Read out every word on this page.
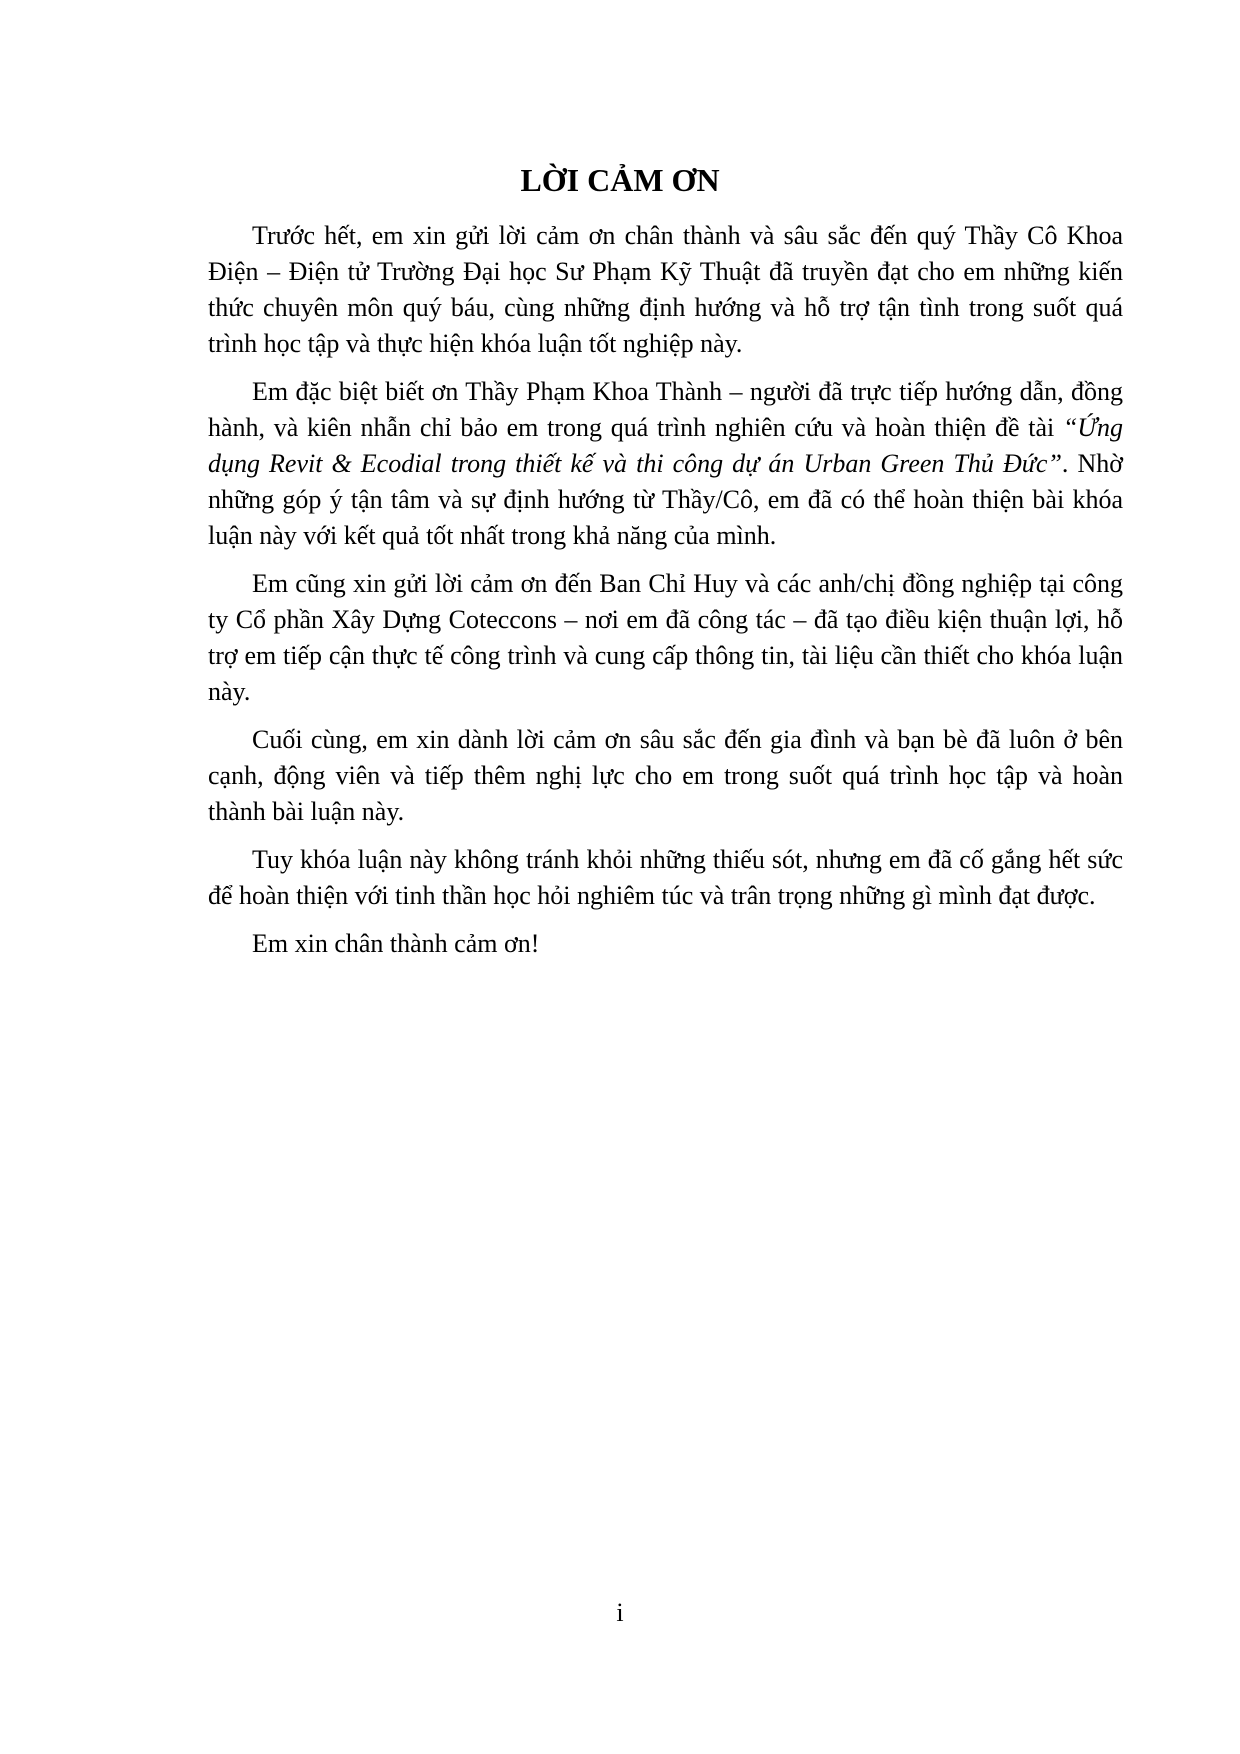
LỜI CẢM ƠN

Trước hết, em xin gửi lời cảm ơn chân thành và sâu sắc đến quý Thầy Cô Khoa Điện – Điện tử Trường Đại học Sư Phạm Kỹ Thuật đã truyền đạt cho em những kiến thức chuyên môn quý báu, cùng những định hướng và hỗ trợ tận tình trong suốt quá trình học tập và thực hiện khóa luận tốt nghiệp này.

Em đặc biệt biết ơn Thầy Phạm Khoa Thành – người đã trực tiếp hướng dẫn, đồng hành, và kiên nhẫn chỉ bảo em trong quá trình nghiên cứu và hoàn thiện đề tài “Ứng dụng Revit & Ecodial trong thiết kế và thi công dự án Urban Green Thủ Đức”. Nhờ những góp ý tận tâm và sự định hướng từ Thầy/Cô, em đã có thể hoàn thiện bài khóa luận này với kết quả tốt nhất trong khả năng của mình.

Em cũng xin gửi lời cảm ơn đến Ban Chỉ Huy và các anh/chị đồng nghiệp tại công ty Cổ phần Xây Dựng Coteccons – nơi em đã công tác – đã tạo điều kiện thuận lợi, hỗ trợ em tiếp cận thực tế công trình và cung cấp thông tin, tài liệu cần thiết cho khóa luận này.

Cuối cùng, em xin dành lời cảm ơn sâu sắc đến gia đình và bạn bè đã luôn ở bên cạnh, động viên và tiếp thêm nghị lực cho em trong suốt quá trình học tập và hoàn thành bài luận này.

Tuy khóa luận này không tránh khỏi những thiếu sót, nhưng em đã cố gắng hết sức để hoàn thiện với tinh thần học hỏi nghiêm túc và trân trọng những gì mình đạt được.

Em xin chân thành cảm ơn!

i
